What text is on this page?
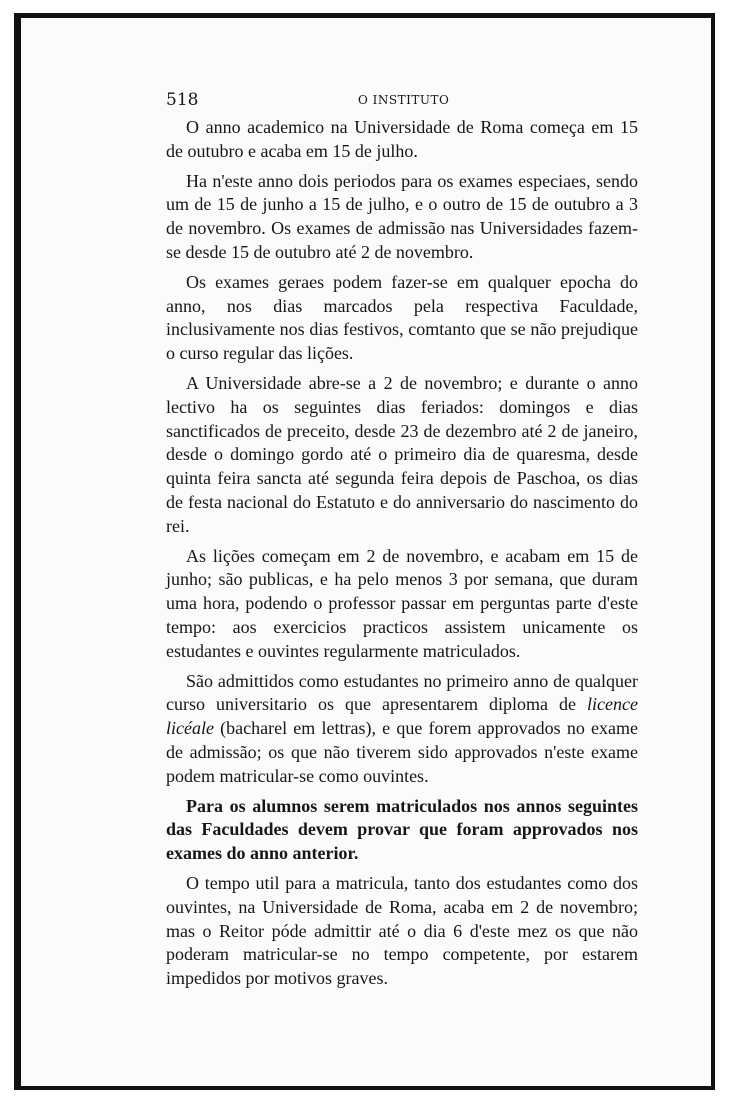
518	O INSTITUTO

O anno academico na Universidade de Roma começa em 15 de outubro e acaba em 15 de julho.

Ha n'este anno dois periodos para os exames especiaes, sendo um de 15 de junho a 15 de julho, e o outro de 15 de outubro a 3 de novembro. Os exames de admissão nas Universidades fazem-se desde 15 de outubro até 2 de novembro.

Os exames geraes podem fazer-se em qualquer epocha do anno, nos dias marcados pela respectiva Faculdade, inclusivamente nos dias festivos, comtanto que se não prejudique o curso regular das lições.

A Universidade abre-se a 2 de novembro; e durante o anno lectivo ha os seguintes dias feriados: domingos e dias sanctificados de preceito, desde 23 de dezembro até 2 de janeiro, desde o domingo gordo até o primeiro dia de quaresma, desde quinta feira sancta até segunda feira depois de Paschoa, os dias de festa nacional do Estatuto e do anniversario do nascimento do rei.

As lições começam em 2 de novembro, e acabam em 15 de junho; são publicas, e ha pelo menos 3 por semana, que duram uma hora, podendo o professor passar em perguntas parte d'este tempo: aos exercicios practicos assistem unicamente os estudantes e ouvintes regularmente matriculados.

São admittidos como estudantes no primeiro anno de qualquer curso universitario os que apresentarem diploma de licence licéale (bacharel em lettras), e que forem approvados no exame de admissão; os que não tiverem sido approvados n'este exame podem matricular-se como ouvintes.

Para os alumnos serem matriculados nos annos seguintes das Faculdades devem provar que foram approvados nos exames do anno anterior.

O tempo util para a matricula, tanto dos estudantes como dos ouvintes, na Universidade de Roma, acaba em 2 de novembro; mas o Reitor póde admittir até o dia 6 d'este mez os que não poderam matricular-se no tempo competente, por estarem impedidos por motivos graves.
